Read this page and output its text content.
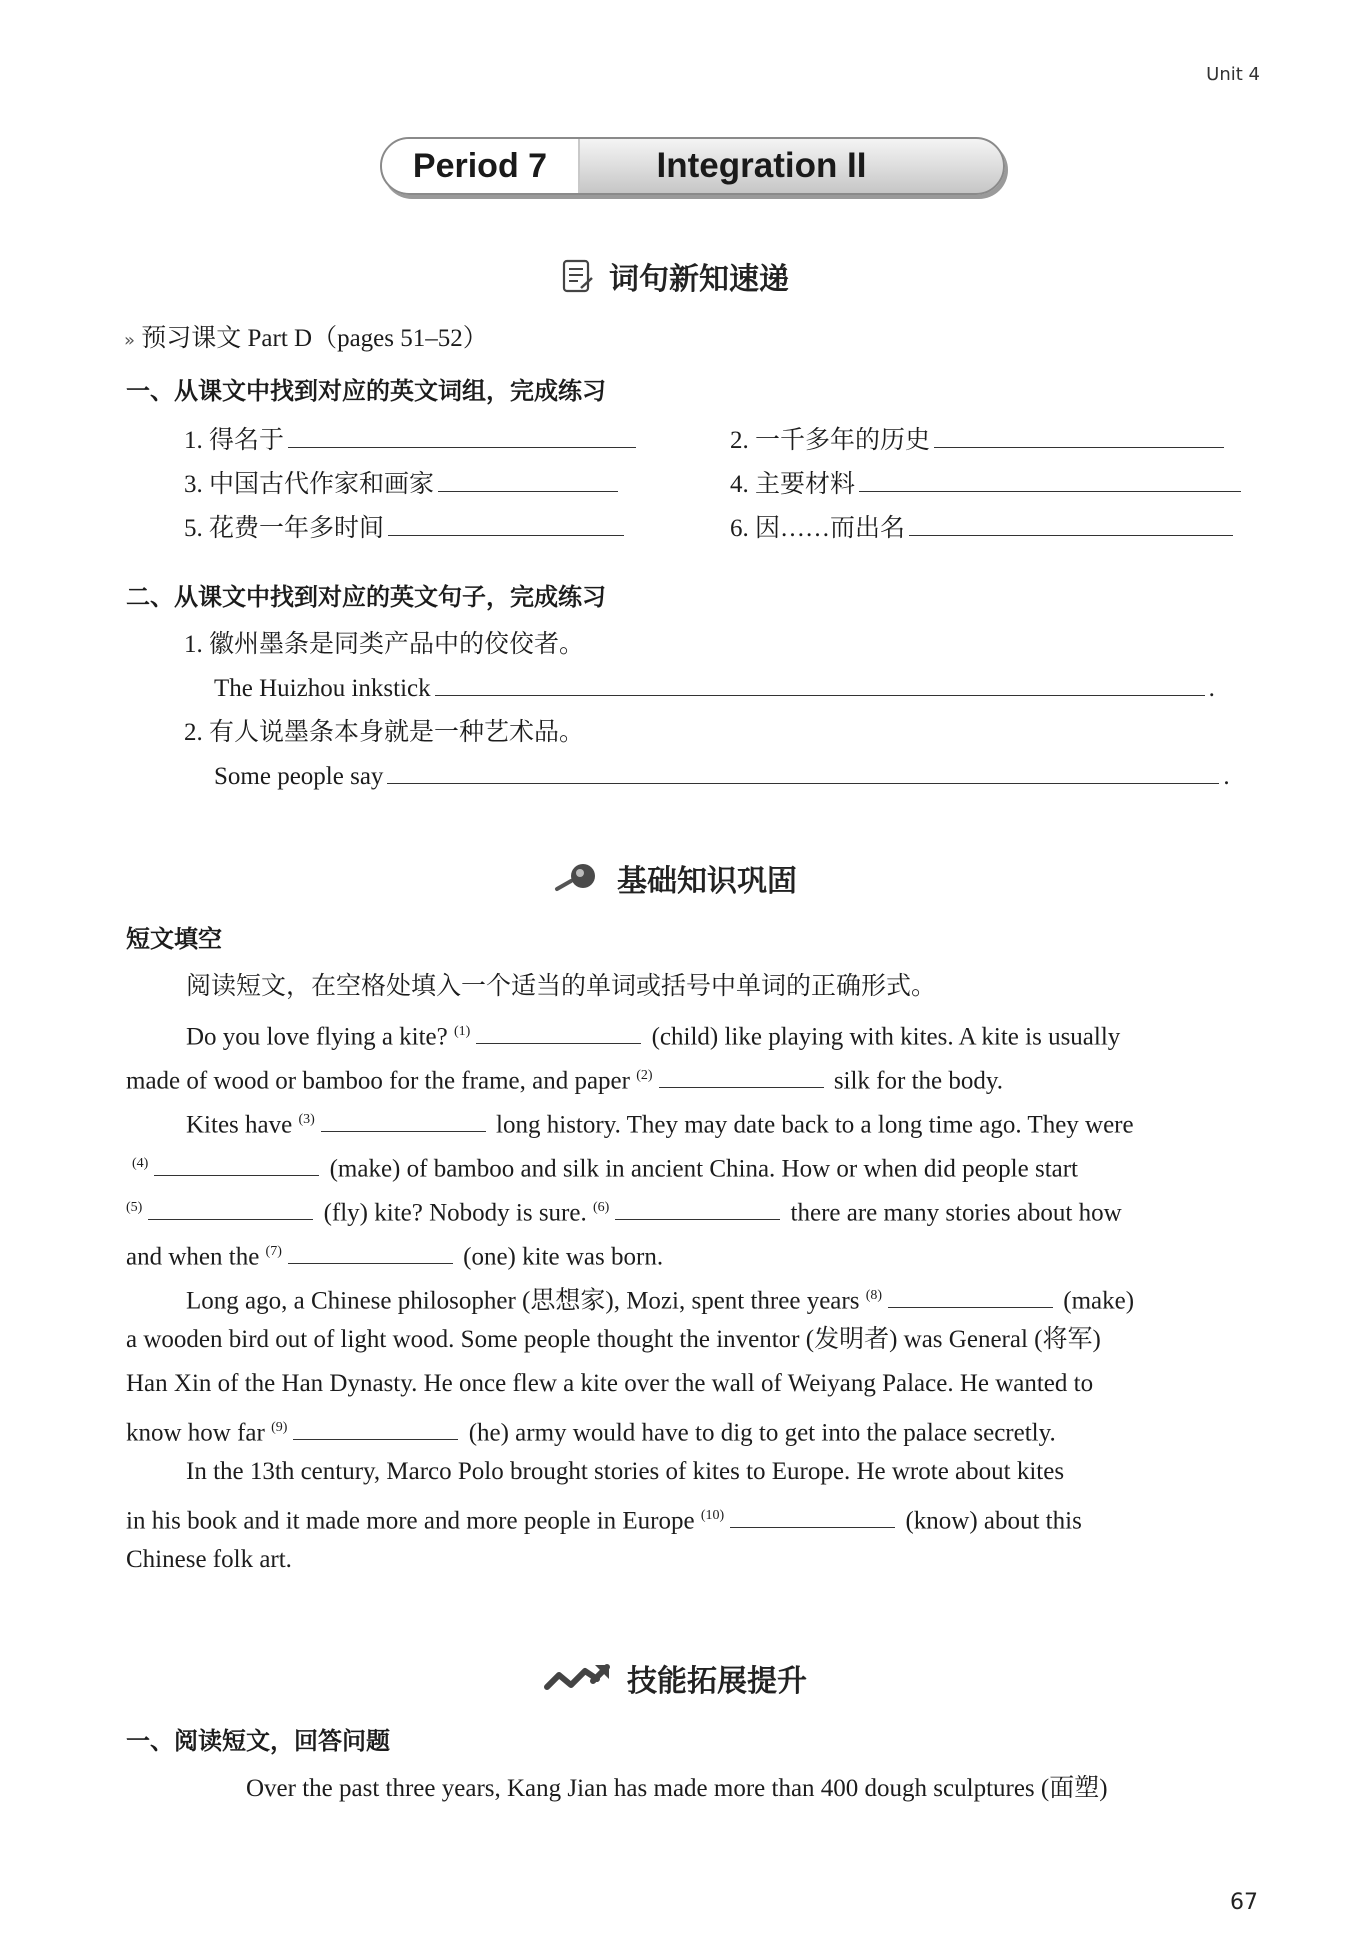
Unit 4
Period 7	Integration II
词句新知速递
» 预习课文 Part D（pages 51–52）
一、从课文中找到对应的英文词组，完成练习
1. 得名于	2. 一千多年的历史
3. 中国古代作家和画家	4. 主要材料
5. 花费一年多时间	6. 因……而出名
二、从课文中找到对应的英文句子，完成练习
1. 徽州墨条是同类产品中的佼佼者。
The Huizhou inkstick	.
2. 有人说墨条本身就是一种艺术品。
Some people say	.
基础知识巩固
短文填空
阅读短文，在空格处填入一个适当的单词或括号中单词的正确形式。
Do you love flying a kite? $^{(1)}$	(child) like playing with kites. A kite is usually
made of wood or bamboo for the frame, and paper $^{(2)}$	silk for the body.
Kites have $^{(3)}$	long history. They may date back to a long time ago. They were
$^{(4)}$	(make) of bamboo and silk in ancient China. How or when did people start
$^{(5)}$	(fly) kite? Nobody is sure. $^{(6)}$	there are many stories about how
and when the $^{(7)}$	(one) kite was born.
Long ago, a Chinese philosopher (思想家), Mozi, spent three years $^{(8)}$	(make)
a wooden bird out of light wood. Some people thought the inventor (发明者) was General (将军)
Han Xin of the Han Dynasty. He once flew a kite over the wall of Weiyang Palace. He wanted to
know how far $^{(9)}$	(he) army would have to dig to get into the palace secretly.
In the 13th century, Marco Polo brought stories of kites to Europe. He wrote about kites
in his book and it made more and more people in Europe $^{(10)}$	(know) about this
Chinese folk art.
技能拓展提升
一、阅读短文，回答问题
Over the past three years, Kang Jian has made more than 400 dough sculptures (面塑)
67
